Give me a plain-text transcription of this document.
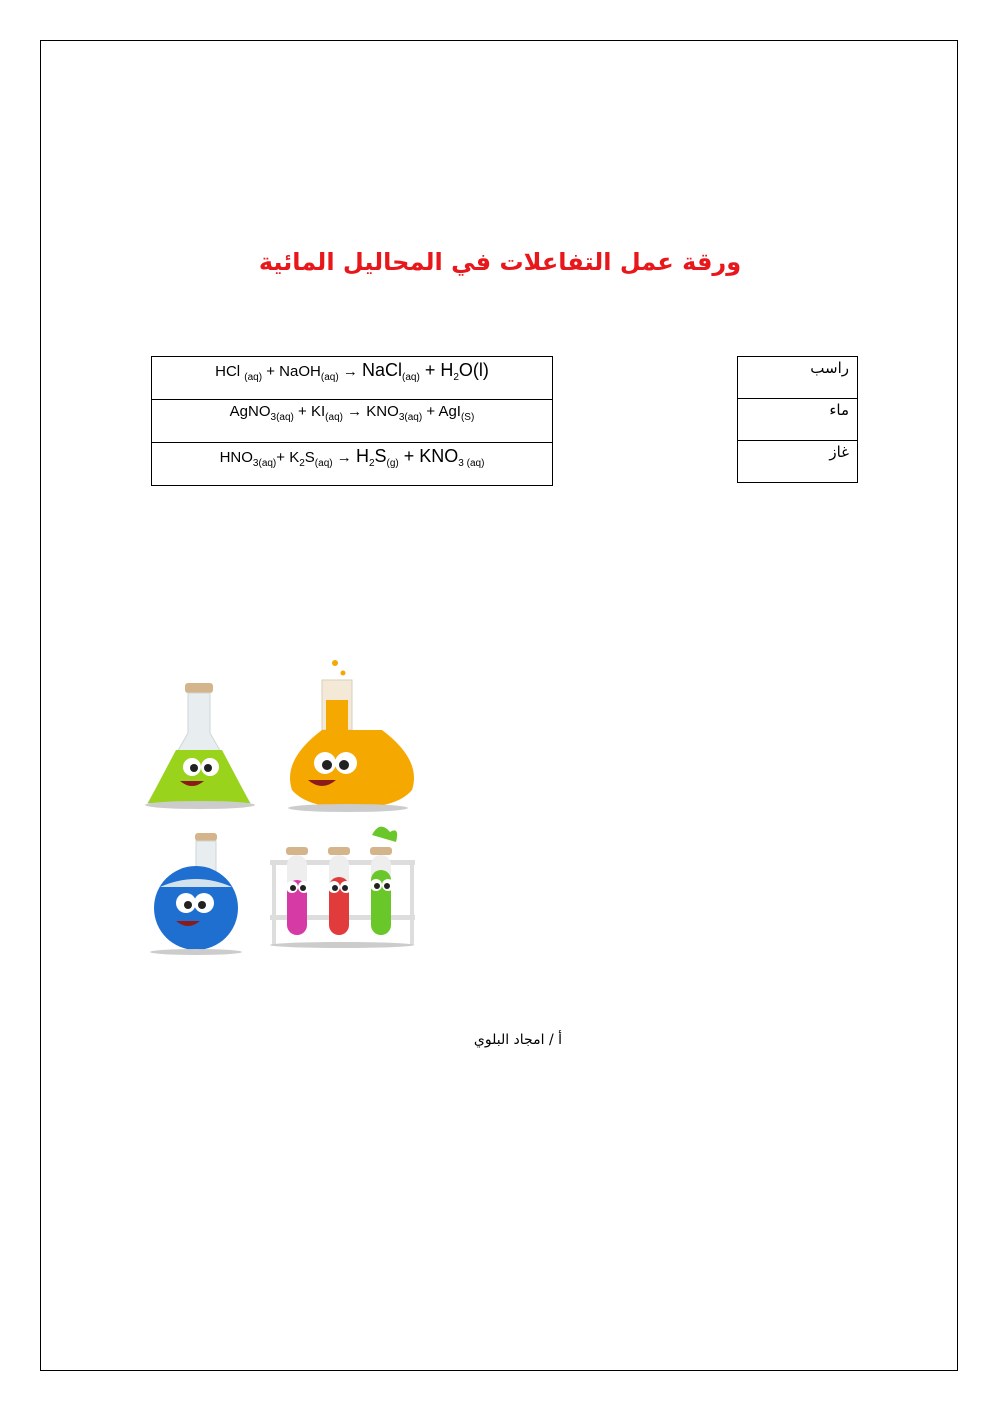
ورقة عمل التفاعلات في المحاليل المائية
HCl $_{(aq)}$ + NaOH$_{(aq)}$ → NaCl$_{(aq)}$ + $H_2O(l)$
AgNO$_{3(aq)}$ + $KI_{(aq)} \to KNO_{3(aq)} + AgI_{(S)}$
$HNO_{3(aq)}+ K_2S_{(aq)} \to H_2S_{(g)} + KNO_{3 (aq)}$
راسب
ماء
غاز
أ / امجاد البلوي
